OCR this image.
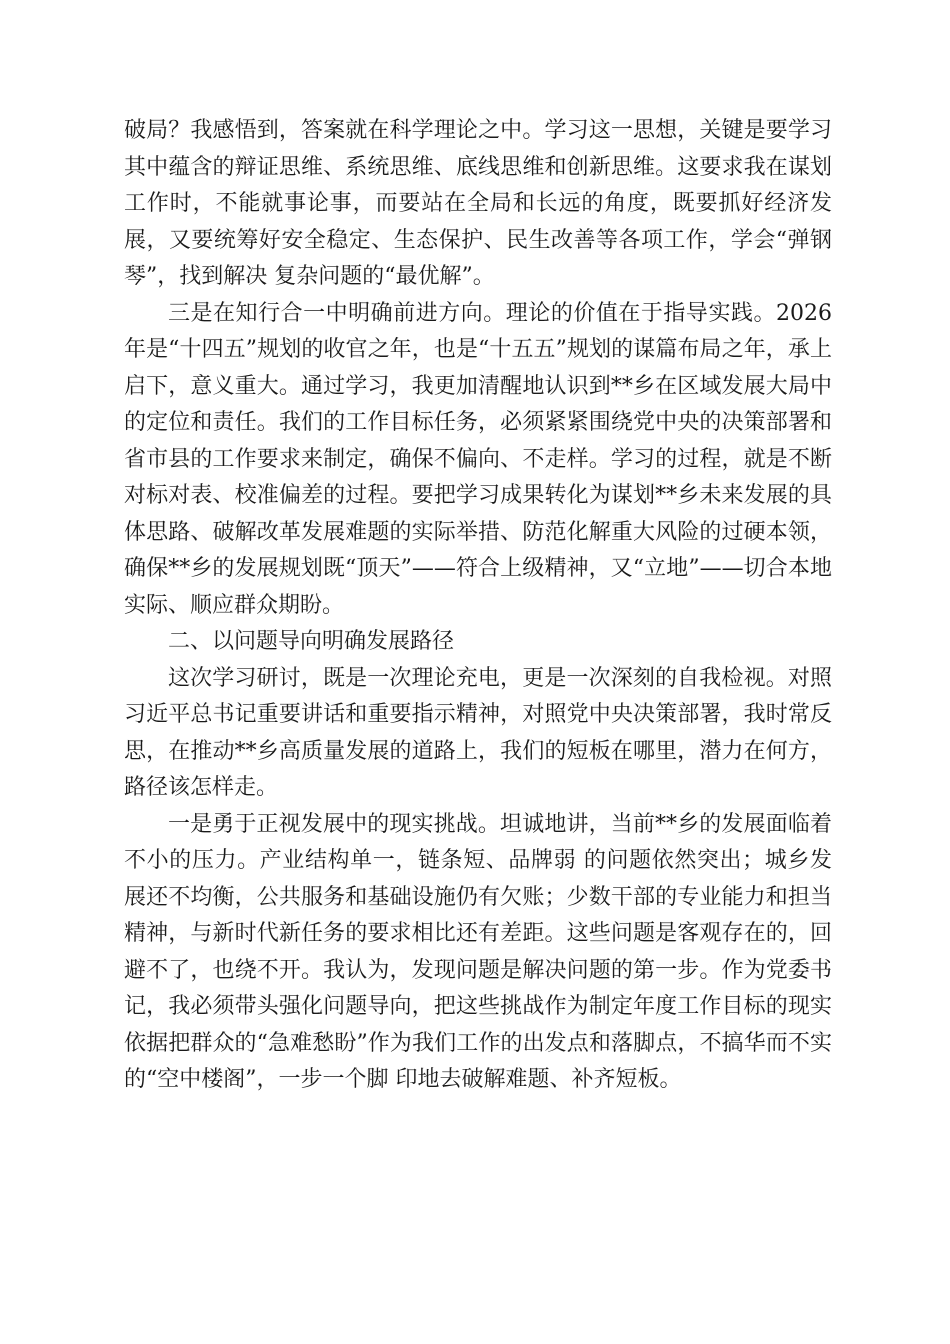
破局？我感悟到，答案就在科学理论之中。学习这一思想，关键是要学习其中蕴含的辩证思维、系统思维、底线思维和创新思维。这要求我在谋划工作时，不能就事论事，而要站在全局和长远的角度，既要抓好经济发展，又要统筹好安全稳定、生态保护、民生改善等各项工作，学会“弹钢琴”，找到解决 复杂问题的“最优解”。

三是在知行合一中明确前进方向。理论的价值在于指导实践。2026年是“十四五”规划的收官之年，也是“十五五”规划的谋篇布局之年，承上启下，意义重大。通过学习，我更加清醒地认识到**乡在区域发展大局中的定位和责任。我们的工作目标任务，必须紧紧围绕党中央的决策部署和省市县的工作要求来制定，确保不偏向、不走样。学习的过程，就是不断对标对表、校准偏差的过程。要把学习成果转化为谋划**乡未来发展的具体思路、破解改革发展难题的实际举措、防范化解重大风险的过硬本领，确保**乡的发展规划既“顶天”——符合上级精神，又“立地”——切合本地实际、顺应群众期盼。

二、以问题导向明确发展路径

这次学习研讨，既是一次理论充电，更是一次深刻的自我检视。对照习近平总书记重要讲话和重要指示精神，对照党中央决策部署，我时常反思，在推动**乡高质量发展的道路上，我们的短板在哪里，潜力在何方，路径该怎样走。

一是勇于正视发展中的现实挑战。坦诚地讲，当前**乡的发展面临着不小的压力。产业结构单一，链条短、品牌弱 的问题依然突出；城乡发展还不均衡，公共服务和基础设施仍有欠账；少数干部的专业能力和担当精神，与新时代新任务的要求相比还有差距。这些问题是客观存在的，回避不了，也绕不开。我认为，发现问题是解决问题的第一步。作为党委书记，我必须带头强化问题导向，把这些挑战作为制定年度工作目标的现实依据把群众的“急难愁盼”作为我们工作的出发点和落脚点，不搞华而不实的“空中楼阁”，一步一个脚 印地去破解难题、补齐短板。
